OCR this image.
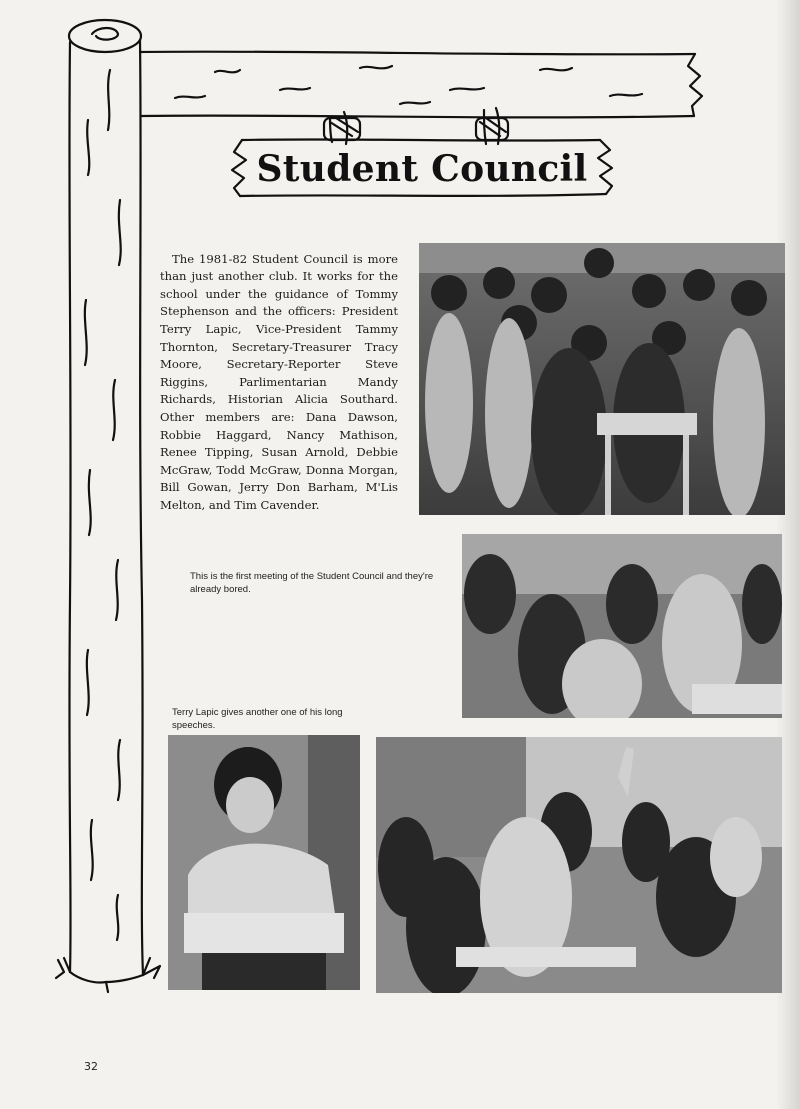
Student Council

The 1981-82 Student Council is more than just another club. It works for the school under the guidance of Tommy Stephenson and the officers: President Terry Lapic, Vice-President Tammy Thornton, Secretary-Treasurer Tracy Moore, Secretary-Reporter Steve Riggins, Parlimentarian Mandy Richards, Historian Alicia Southard. Other members are: Dana Dawson, Robbie Haggard, Nancy Mathison, Renee Tipping, Susan Arnold, Debbie McGraw, Todd McGraw, Donna Morgan, Bill Gowan, Jerry Don Barham, M'Lis Melton, and Tim Cavender.

This is the first meeting of the Student Council and they're already bored.

Terry Lapic gives another one of his long speeches.

32
